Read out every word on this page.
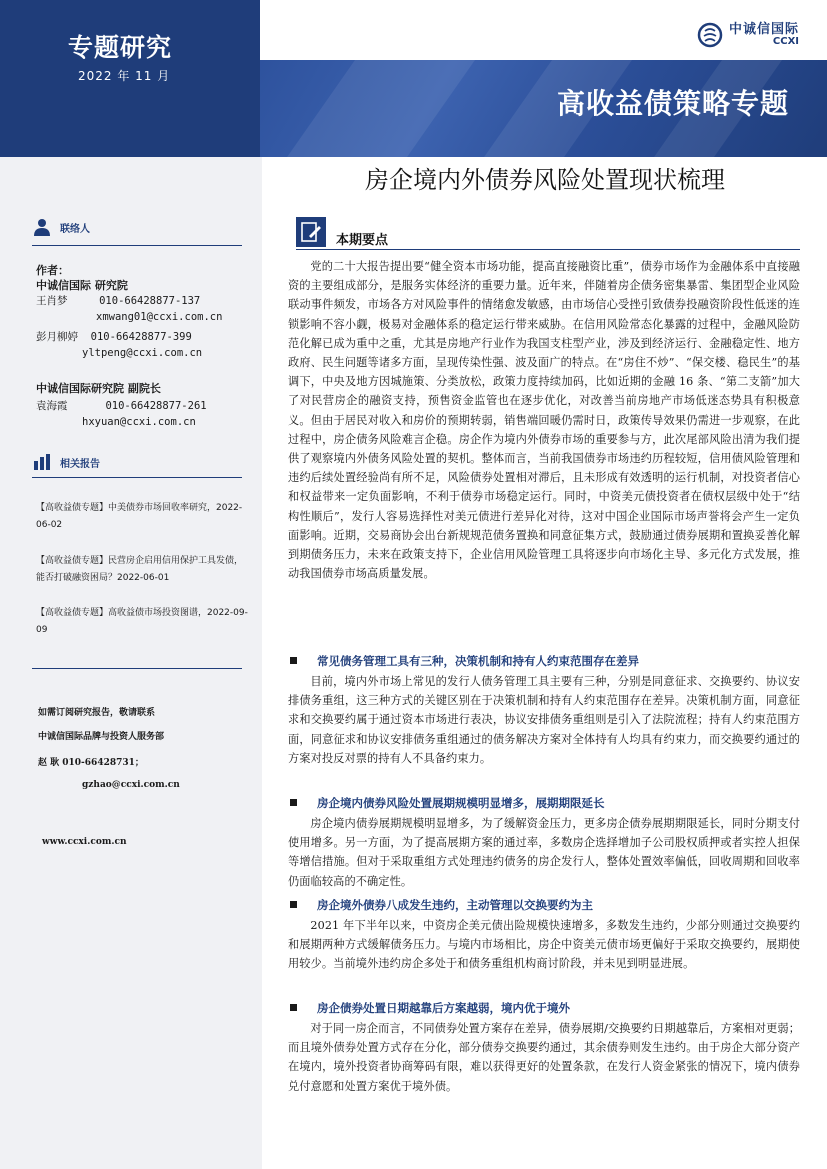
专题研究
2022 年 11 月
中诚信国际
CCXI
高收益债策略专题
房企境内外债券风险处置现状梳理
联络人
作者：
中诚信国际 研究院
王肖梦	010-66428877-137
xmwang01@ccxi.com.cn
彭月柳婷 010-66428877-399
yltpeng@ccxi.com.cn
中诚信国际研究院 副院长
袁海霞	010-66428877-261
hxyuan@ccxi.com.cn
相关报告
【高收益债专题】中美债券市场回收率研究，2022-06-02
【高收益债专题】民营房企启用信用保护工具发债，能否打破融资困局？2022-06-01
【高收益债专题】高收益债市场投资图谱，2022-09-09
如需订阅研究报告，敬请联系
中诚信国际品牌与投资人服务部
赵 耿 010-66428731；
gzhao@ccxi.com.cn
www.ccxi.com.cn
本期要点
党的二十大报告提出要“健全资本市场功能，提高直接融资比重”，债券市场作为金融体系中直接融资的主要组成部分，是服务实体经济的重要力量。近年来，伴随着房企债务密集暴雷、集团型企业风险联动事件频发，市场各方对风险事件的情绪愈发敏感，由市场信心受挫引致债券投融资阶段性低迷的连锁影响不容小觑，极易对金融体系的稳定运行带来威胁。在信用风险常态化暴露的过程中，金融风险防范化解已成为重中之重，尤其是房地产行业作为我国支柱型产业，涉及到经济运行、金融稳定性、地方政府、民生问题等诸多方面，呈现传染性强、波及面广的特点。在“房住不炒”、“保交楼、稳民生”的基调下，中央及地方因城施策、分类放松，政策力度持续加码，比如近期的金融 16 条、“第二支箭”加大了对民营房企的融资支持，预售资金监管也在逐步优化，对改善当前房地产市场低迷态势具有积极意义。但由于居民对收入和房价的预期转弱，销售端回暖仍需时日，政策传导效果仍需进一步观察，在此过程中，房企债务风险难言企稳。房企作为境内外债券市场的重要参与方，此次尾部风险出清为我们提供了观察境内外债务风险处置的契机。整体而言，当前我国债券市场违约历程较短，信用债风险管理和违约后续处置经验尚有所不足，风险债券处置相对滞后，且未形成有效透明的运行机制，对投资者信心和权益带来一定负面影响，不利于债券市场稳定运行。同时，中资美元债投资者在债权层级中处于“结构性顺后”，发行人容易选择性对美元债进行差异化对待，这对中国企业国际市场声誉将会产生一定负面影响。近期，交易商协会出台新规规范债务置换和同意征集方式，鼓励通过债券展期和置换妥善化解到期债务压力，未来在政策支持下，企业信用风险管理工具将逐步向市场化主导、多元化方式发展，推动我国债券市场高质量发展。
常见债务管理工具有三种，决策机制和持有人约束范围存在差异
目前，境内外市场上常见的发行人债务管理工具主要有三种，分别是同意征求、交换要约、协议安排债务重组，这三种方式的关键区别在于决策机制和持有人约束范围存在差异。决策机制方面，同意征求和交换要约属于通过资本市场进行表决，协议安排债务重组则是引入了法院流程；持有人约束范围方面，同意征求和协议安排债务重组通过的债务解决方案对全体持有人均具有约束力，而交换要约通过的方案对投反对票的持有人不具备约束力。
房企境内债券风险处置展期规模明显增多，展期期限延长
房企境内债券展期规模明显增多，为了缓解资金压力，更多房企债券展期期限延长，同时分期支付使用增多。另一方面，为了提高展期方案的通过率，多数房企选择增加子公司股权质押或者实控人担保等增信措施。但对于采取重组方式处理违约债务的房企发行人，整体处置效率偏低，回收周期和回收率仍面临较高的不确定性。
房企境外债券八成发生违约，主动管理以交换要约为主
2021 年下半年以来，中资房企美元债出险规模快速增多，多数发生违约，少部分则通过交换要约和展期两种方式缓解债务压力。与境内市场相比，房企中资美元债市场更偏好于采取交换要约，展期使用较少。当前境外违约房企多处于和债务重组机构商讨阶段，并未见到明显进展。
房企债券处置日期越靠后方案越弱，境内优于境外
对于同一房企而言，不同债券处置方案存在差异，债券展期/交换要约日期越靠后，方案相对更弱；而且境外债券处置方式存在分化，部分债券交换要约通过，其余债券则发生违约。由于房企大部分资产在境内，境外投资者协商筹码有限，难以获得更好的处置条款，在发行人资金紧张的情况下，境内债券兑付意愿和处置方案优于境外债。
